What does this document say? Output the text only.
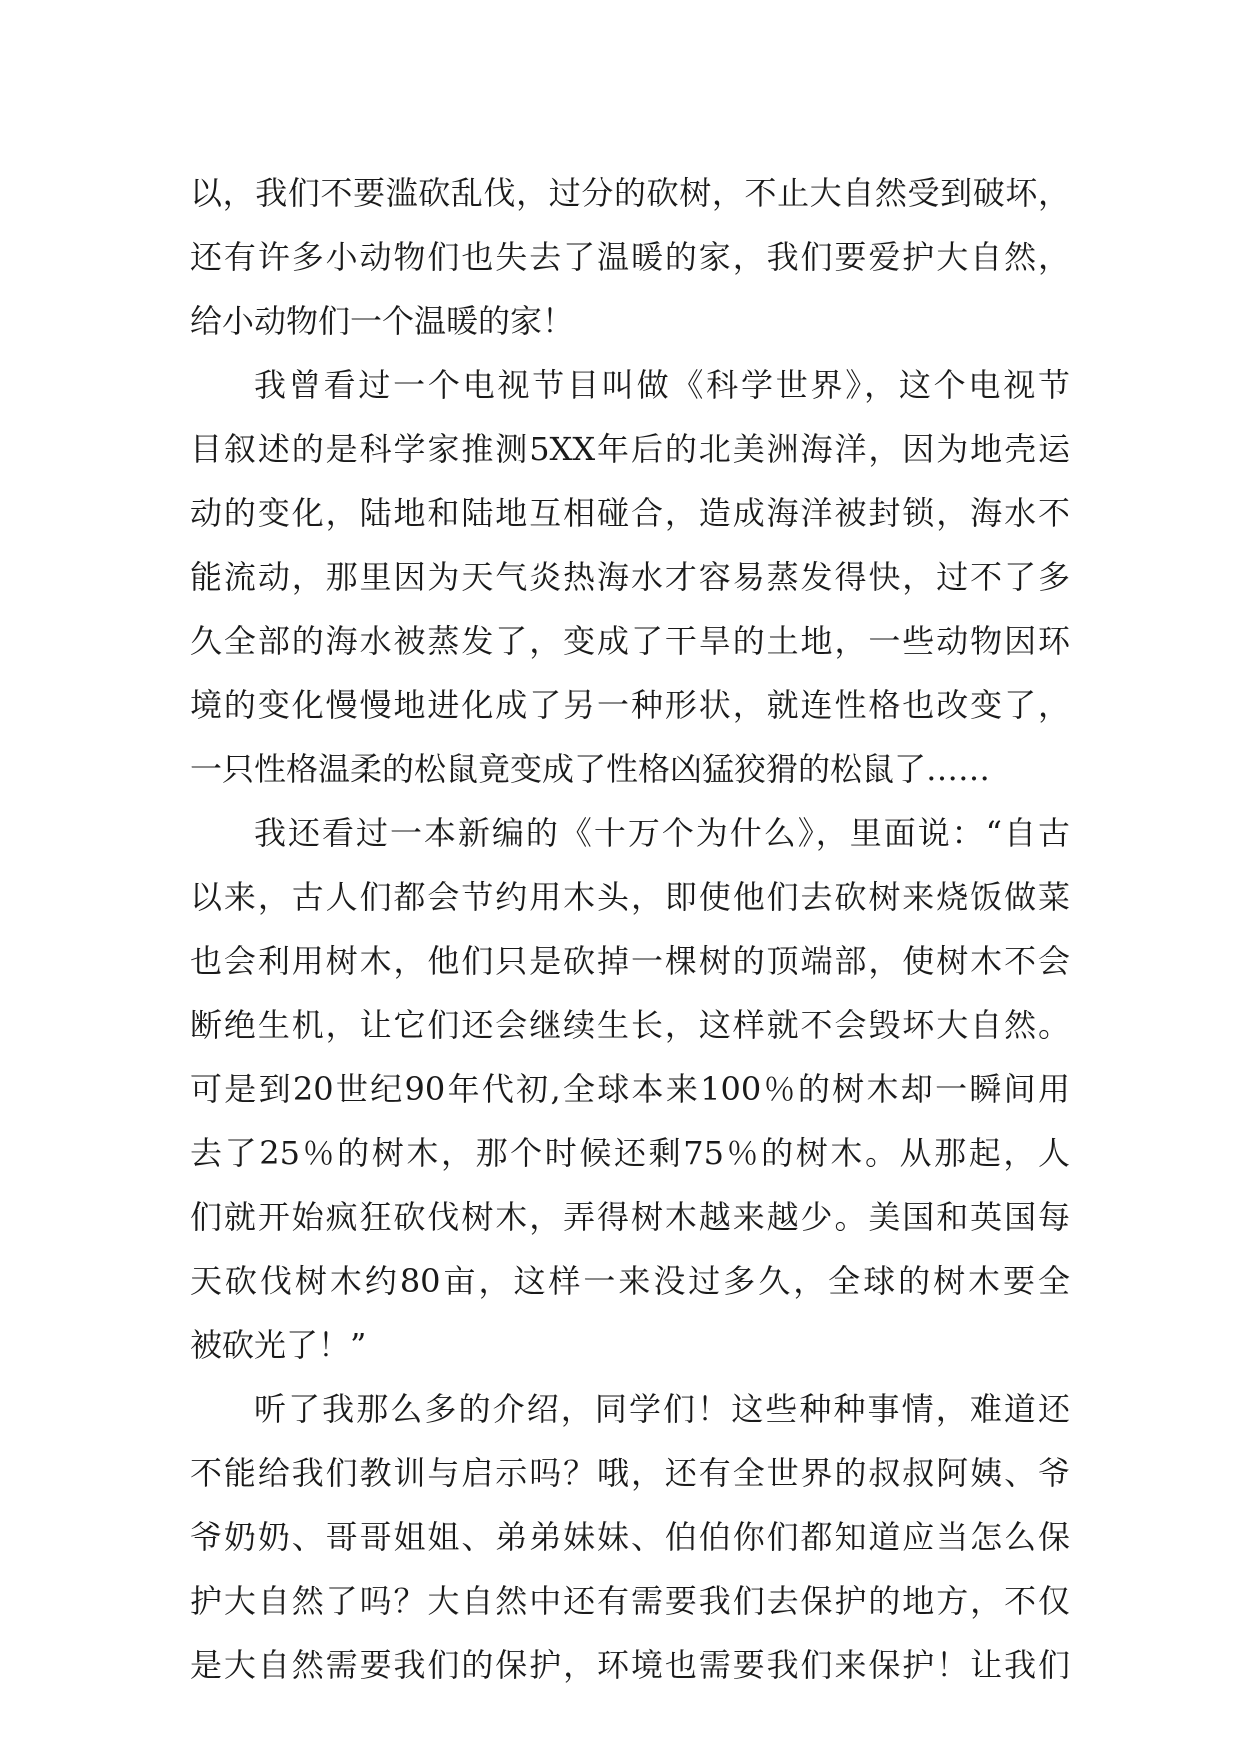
以，我们不要滥砍乱伐，过分的砍树，不止大自然受到破坏，
还有许多小动物们也失去了温暖的家，我们要爱护大自然，
给小动物们一个温暖的家！
我曾看过一个电视节目叫做《科学世界》，这个电视节
目叙述的是科学家推测5XX年后的北美洲海洋，因为地壳运
动的变化，陆地和陆地互相碰合，造成海洋被封锁，海水不
能流动，那里因为天气炎热海水才容易蒸发得快，过不了多
久全部的海水被蒸发了，变成了干旱的土地，一些动物因环
境的变化慢慢地进化成了另一种形状，就连性格也改变了，
一只性格温柔的松鼠竟变成了性格凶猛狡猾的松鼠了……
我还看过一本新编的《十万个为什么》，里面说：“自古
以来，古人们都会节约用木头，即使他们去砍树来烧饭做菜
也会利用树木，他们只是砍掉一棵树的顶端部，使树木不会
断绝生机，让它们还会继续生长，这样就不会毁坏大自然。
可是到20世纪90年代初,全球本来100％的树木却一瞬间用
去了25％的树木，那个时候还剩75％的树木。从那起，人
们就开始疯狂砍伐树木，弄得树木越来越少。美国和英国每
天砍伐树木约80亩，这样一来没过多久，全球的树木要全
被砍光了！”
听了我那么多的介绍，同学们！这些种种事情，难道还
不能给我们教训与启示吗？哦，还有全世界的叔叔阿姨、爷
爷奶奶、哥哥姐姐、弟弟妹妹、伯伯你们都知道应当怎么保
护大自然了吗？大自然中还有需要我们去保护的地方，不仅
是大自然需要我们的保护，环境也需要我们来保护！让我们
